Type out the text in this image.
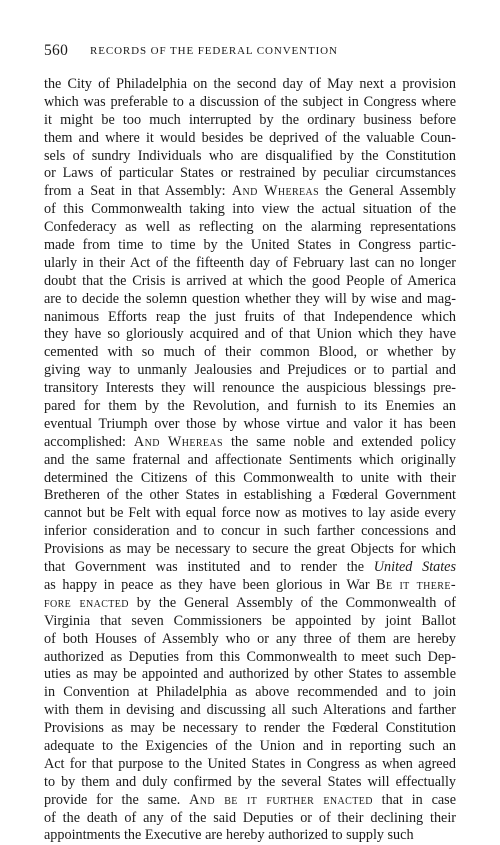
560 RECORDS OF THE FEDERAL CONVENTION
the City of Philadelphia on the second day of May next a provision
which was preferable to a discussion of the subject in Congress where
it might be too much interrupted by the ordinary business before
them and where it would besides be deprived of the valuable Coun-
sels of sundry Individuals who are disqualified by the Constitution
or Laws of particular States or restrained by peculiar circumstances
from a Seat in that Assembly: And Whereas the General Assembly
of this Commonwealth taking into view the actual situation of the
Confederacy as well as reflecting on the alarming representations
made from time to time by the United States in Congress partic-
ularly in their Act of the fifteenth day of February last can no longer
doubt that the Crisis is arrived at which the good People of America
are to decide the solemn question whether they will by wise and mag-
nanimous Efforts reap the just fruits of that Independence which
they have so gloriously acquired and of that Union which they have
cemented with so much of their common Blood, or whether by
giving way to unmanly Jealousies and Prejudices or to partial and
transitory Interests they will renounce the auspicious blessings pre-
pared for them by the Revolution, and furnish to its Enemies an
eventual Triumph over those by whose virtue and valor it has been
accomplished: And Whereas the same noble and extended policy
and the same fraternal and affectionate Sentiments which originally
determined the Citizens of this Commonwealth to unite with their
Bretheren of the other States in establishing a Fœderal Government
cannot but be Felt with equal force now as motives to lay aside every
inferior consideration and to concur in such farther concessions and
Provisions as may be necessary to secure the great Objects for which
that Government was instituted and to render the United States
as happy in peace as they have been glorious in War Be it there-
fore enacted by the General Assembly of the Commonwealth of
Virginia that seven Commissioners be appointed by joint Ballot
of both Houses of Assembly who or any three of them are hereby
authorized as Deputies from this Commonwealth to meet such Dep-
uties as may be appointed and authorized by other States to assemble
in Convention at Philadelphia as above recommended and to join
with them in devising and discussing all such Alterations and farther
Provisions as may be necessary to render the Fœderal Constitution
adequate to the Exigencies of the Union and in reporting such an
Act for that purpose to the United States in Congress as when agreed
to by them and duly confirmed by the several States will effectually
provide for the same. And be it further enacted that in case
of the death of any of the said Deputies or of their declining their
appointments the Executive are hereby authorized to supply such
